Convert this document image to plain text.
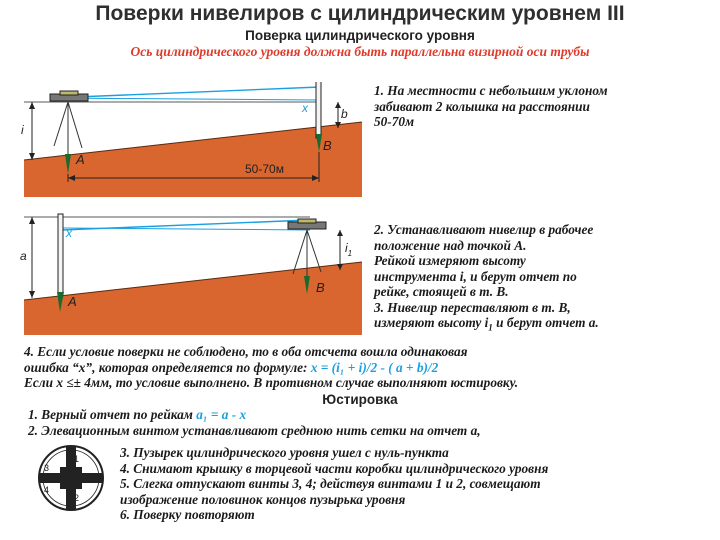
Поверки нивелиров с цилиндрическим уровнем III
Поверка цилиндрического уровня
Ось цилиндрического уровня должна быть параллельна визирной оси трубы
i
A
x	b
B
50-70м
a
x
A
$i_1$
B
1. На местности с небольшим уклоном
забивают 2 колышка на расстоянии
50-70м
2. Устанавливают нивелир в рабочее
положение над точкой А.
Рейкой измеряют высоту
инструмента i, и берут отчет по
рейке, стоящей в т. В.
3. Нивелир переставляют в т. В,
измеряют высоту $i_1$ и берут отчет а.
4. Если условие поверки не соблюдено, то в оба отсчета вошла одинаковая
ошибка “х”, которая определяется по формуле: х = (i₁ + i)/2 - ( а + b)/2
Если х ≤± 4мм, то условие выполнено. В противном случае выполняют юстировку.
Юстировка
1. Верный отчет по рейкам а₁ = а - х
2. Элевационным винтом устанавливают среднюю нить сетки на отчет а,
1
2
3
4
3. Пузырек цилиндрического уровня ушел с нуль-пункта
4. Снимают крышку в торцевой части коробки цилиндрического уровня
5. Слегка отпускают винты 3, 4; действуя винтами 1 и 2, совмещают
изображение половинок концов пузырька уровня
6. Поверку повторяют
